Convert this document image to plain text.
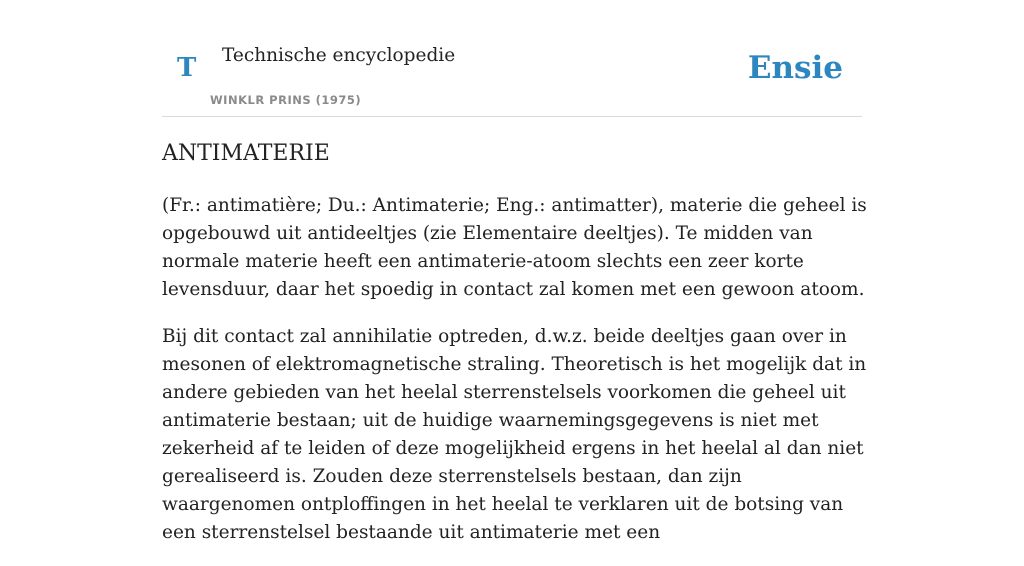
T Technische encyclopedie
WINKLR PRINS (1975)
Ensie
ANTIMATERIE

(Fr.: antimatière; Du.: Antimaterie; Eng.: antimatter), materie die geheel is opgebouwd uit antideeltjes (zie Elementaire deeltjes). Te midden van normale materie heeft een antimaterie-atoom slechts een zeer korte levensduur, daar het spoedig in contact zal komen met een gewoon atoom.

Bij dit contact zal annihilatie optreden, d.w.z. beide deeltjes gaan over in mesonen of elektromagnetische straling. Theoretisch is het mogelijk dat in andere gebieden van het heelal sterrenstelsels voorkomen die geheel uit antimaterie bestaan; uit de huidige waarnemingsgegevens is niet met zekerheid af te leiden of deze mogelijkheid ergens in het heelal al dan niet gerealiseerd is. Zouden deze sterrenstelsels bestaan, dan zijn waargenomen ontploffingen in het heelal te verklaren uit de botsing van een sterrenstelsel bestaande uit antimaterie met een
